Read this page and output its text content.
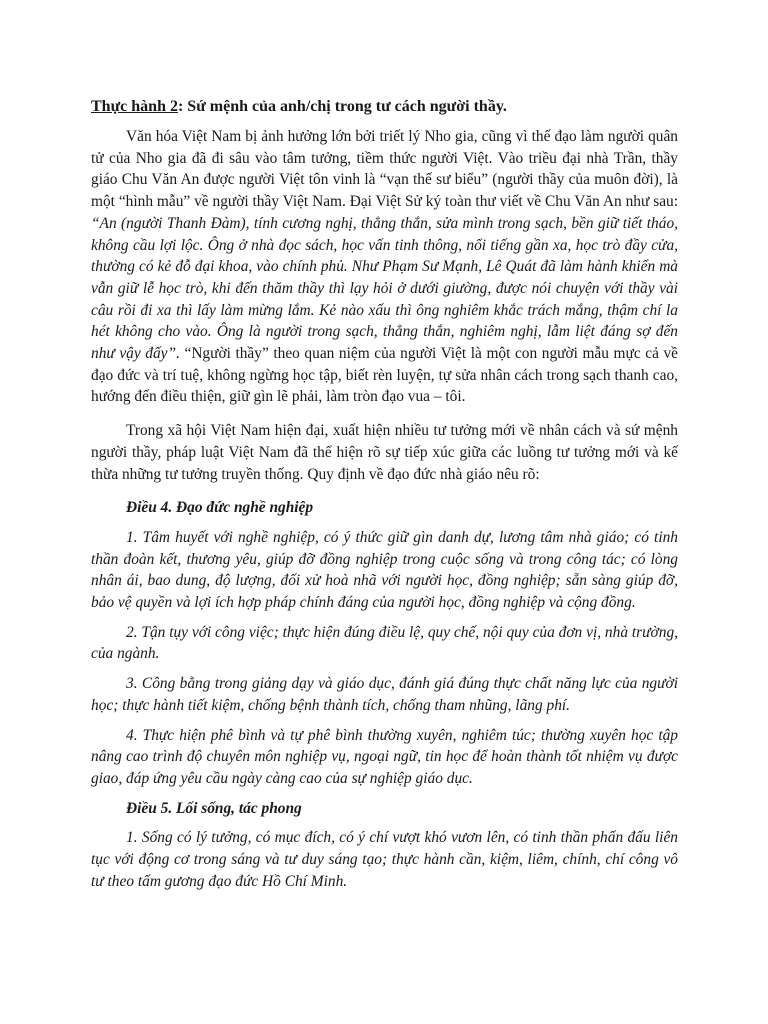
Thực hành 2: Sứ mệnh của anh/chị trong tư cách người thầy.

Văn hóa Việt Nam bị ảnh hưởng lớn bởi triết lý Nho gia, cũng vì thế đạo làm người quân tử của Nho gia đã đi sâu vào tâm tưởng, tiềm thức người Việt. Vào triều đại nhà Trần, thầy giáo Chu Văn An được người Việt tôn vinh là “vạn thế sư biểu” (người thầy của muôn đời), là một “hình mẫu” về người thầy Việt Nam. Đại Việt Sử ký toàn thư viết về Chu Văn An như sau: “An (người Thanh Đàm), tính cương nghị, thẳng thắn, sửa mình trong sạch, bền giữ tiết tháo, không cầu lợi lộc. Ông ở nhà đọc sách, học vấn tinh thông, nổi tiếng gần xa, học trò đầy cửa, thường có kẻ đỗ đại khoa, vào chính phủ. Như Phạm Sư Mạnh, Lê Quát đã làm hành khiển mà vẫn giữ lễ học trò, khi đến thăm thầy thì lạy hỏi ở dưới giường, được nói chuyện với thầy vài câu rồi đi xa thì lấy làm mừng lắm. Kẻ nào xấu thì ông nghiêm khắc trách mắng, thậm chí la hét không cho vào. Ông là người trong sạch, thẳng thắn, nghiêm nghị, lẫm liệt đáng sợ đến như vậy đấy”. “Người thầy” theo quan niệm của người Việt là một con người mẫu mực cả về đạo đức và trí tuệ, không ngừng học tập, biết rèn luyện, tự sửa nhân cách trong sạch thanh cao, hướng đến điều thiện, giữ gìn lẽ phải, làm tròn đạo vua – tôi.

Trong xã hội Việt Nam hiện đại, xuất hiện nhiều tư tưởng mới về nhân cách và sứ mệnh người thầy, pháp luật Việt Nam đã thể hiện rõ sự tiếp xúc giữa các luồng tư tưởng mới và kế thừa những tư tưởng truyền thống. Quy định về đạo đức nhà giáo nêu rõ:

Điều 4. Đạo đức nghề nghiệp

1. Tâm huyết với nghề nghiệp, có ý thức giữ gìn danh dự, lương tâm nhà giáo; có tinh thần đoàn kết, thương yêu, giúp đỡ đồng nghiệp trong cuộc sống và trong công tác; có lòng nhân ái, bao dung, độ lượng, đối xử hoà nhã với người học, đồng nghiệp; sẵn sàng giúp đỡ, bảo vệ quyền và lợi ích hợp pháp chính đáng của người học, đồng nghiệp và cộng đồng.

2. Tận tụy với công việc; thực hiện đúng điều lệ, quy chế, nội quy của đơn vị, nhà trường, của ngành.

3. Công bằng trong giảng dạy và giáo dục, đánh giá đúng thực chất năng lực của người học; thực hành tiết kiệm, chống bệnh thành tích, chống tham nhũng, lãng phí.

4. Thực hiện phê bình và tự phê bình thường xuyên, nghiêm túc; thường xuyên học tập nâng cao trình độ chuyên môn nghiệp vụ, ngoại ngữ, tin học để hoàn thành tốt nhiệm vụ được giao, đáp ứng yêu cầu ngày càng cao của sự nghiệp giáo dục.

Điều 5. Lối sống, tác phong

1. Sống có lý tưởng, có mục đích, có ý chí vượt khó vươn lên, có tinh thần phấn đấu liên tục với động cơ trong sáng và tư duy sáng tạo; thực hành cần, kiệm, liêm, chính, chí công vô tư theo tấm gương đạo đức Hồ Chí Minh.
